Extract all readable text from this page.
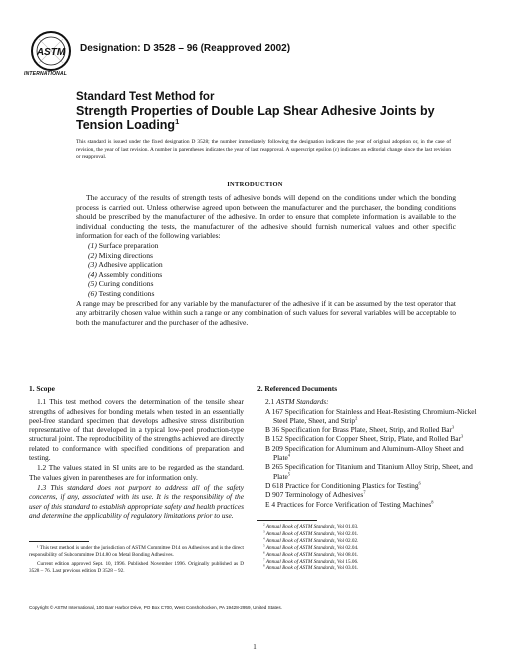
ASTM
INTERNATIONAL
Designation: D 3528 – 96 (Reapproved 2002)
Standard Test Method for
Strength Properties of Double Lap Shear Adhesive Joints by
Tension Loading$^1$
This standard is issued under the fixed designation D 3528; the number immediately following the designation indicates the year of original adoption or, in the case of revision, the year of last revision. A number in parentheses indicates the year of last reapproval. A superscript epsilon (ε) indicates an editorial change since the last revision or reapproval.
INTRODUCTION

The accuracy of the results of strength tests of adhesive bonds will depend on the conditions under which the bonding process is carried out. Unless otherwise agreed upon between the manufacturer and the purchaser, the bonding conditions should be prescribed by the manufacturer of the adhesive. In order to ensure that complete information is available to the individual conducting the tests, the manufacturer of the adhesive should furnish numerical values and other specific information for each of the following variables:

(1) Surface preparation
(2) Mixing directions
(3) Adhesive application
(4) Assembly conditions
(5) Curing conditions
(6) Testing conditions

A range may be prescribed for any variable by the manufacturer of the adhesive if it can be assumed by the test operator that any arbitrarily chosen value within such a range or any combination of such values for several variables will be acceptable to both the manufacturer and the purchaser of the adhesive.

1. Scope

1.1 This test method covers the determination of the tensile shear strengths of adhesives for bonding metals when tested in an essentially peel-free standard specimen that develops adhesive stress distribution representative of that developed in a typical low-peel production-type structural joint. The reproducibility of the strengths achieved are directly related to conformance with specified conditions of preparation and testing.

1.2 The values stated in SI units are to be regarded as the standard. The values given in parentheses are for information only.

1.3 This standard does not purport to address all of the safety concerns, if any, associated with its use. It is the responsibility of the user of this standard to establish appropriate safety and health practices and determine the applicability of regulatory limitations prior to use.

2. Referenced Documents
2.1 ASTM Standards:
A 167 Specification for Stainless and Heat-Resisting Chromium-Nickel Steel Plate, Sheet, and Strip$^2$
B 36 Specification for Brass Plate, Sheet, Strip, and Rolled Bar$^3$
B 152 Specification for Copper Sheet, Strip, Plate, and Rolled Bar$^3$
B 209 Specification for Aluminum and Aluminum-Alloy Sheet and Plate$^4$
B 265 Specification for Titanium and Titanium Alloy Strip, Sheet, and Plate$^5$
D 618 Practice for Conditioning Plastics for Testing$^6$
D 907 Terminology of Adhesives$^7$
E 4 Practices for Force Verification of Testing Machines$^8$

¹ This test method is under the jurisdiction of ASTM Committee D14 on Adhesives and is the direct responsibility of Subcommittee D14.80 on Metal Bonding Adhesives.

Current edition approved Sept. 10, 1996. Published November 1996. Originally published as D 3528 – 76. Last previous edition D 3528 – 92.

$^2$ Annual Book of ASTM Standards, Vol 01.03.
$^3$ Annual Book of ASTM Standards, Vol 02.01.
$^4$ Annual Book of ASTM Standards, Vol 02.02.
$^5$ Annual Book of ASTM Standards, Vol 02.04.
$^6$ Annual Book of ASTM Standards, Vol 08.01.
$^7$ Annual Book of ASTM Standards, Vol 15.06.
$^8$ Annual Book of ASTM Standards, Vol 03.01.
Copyright © ASTM International, 100 Barr Harbor Drive, PO Box C700, West Conshohocken, PA 19428-2959, United States.
1
